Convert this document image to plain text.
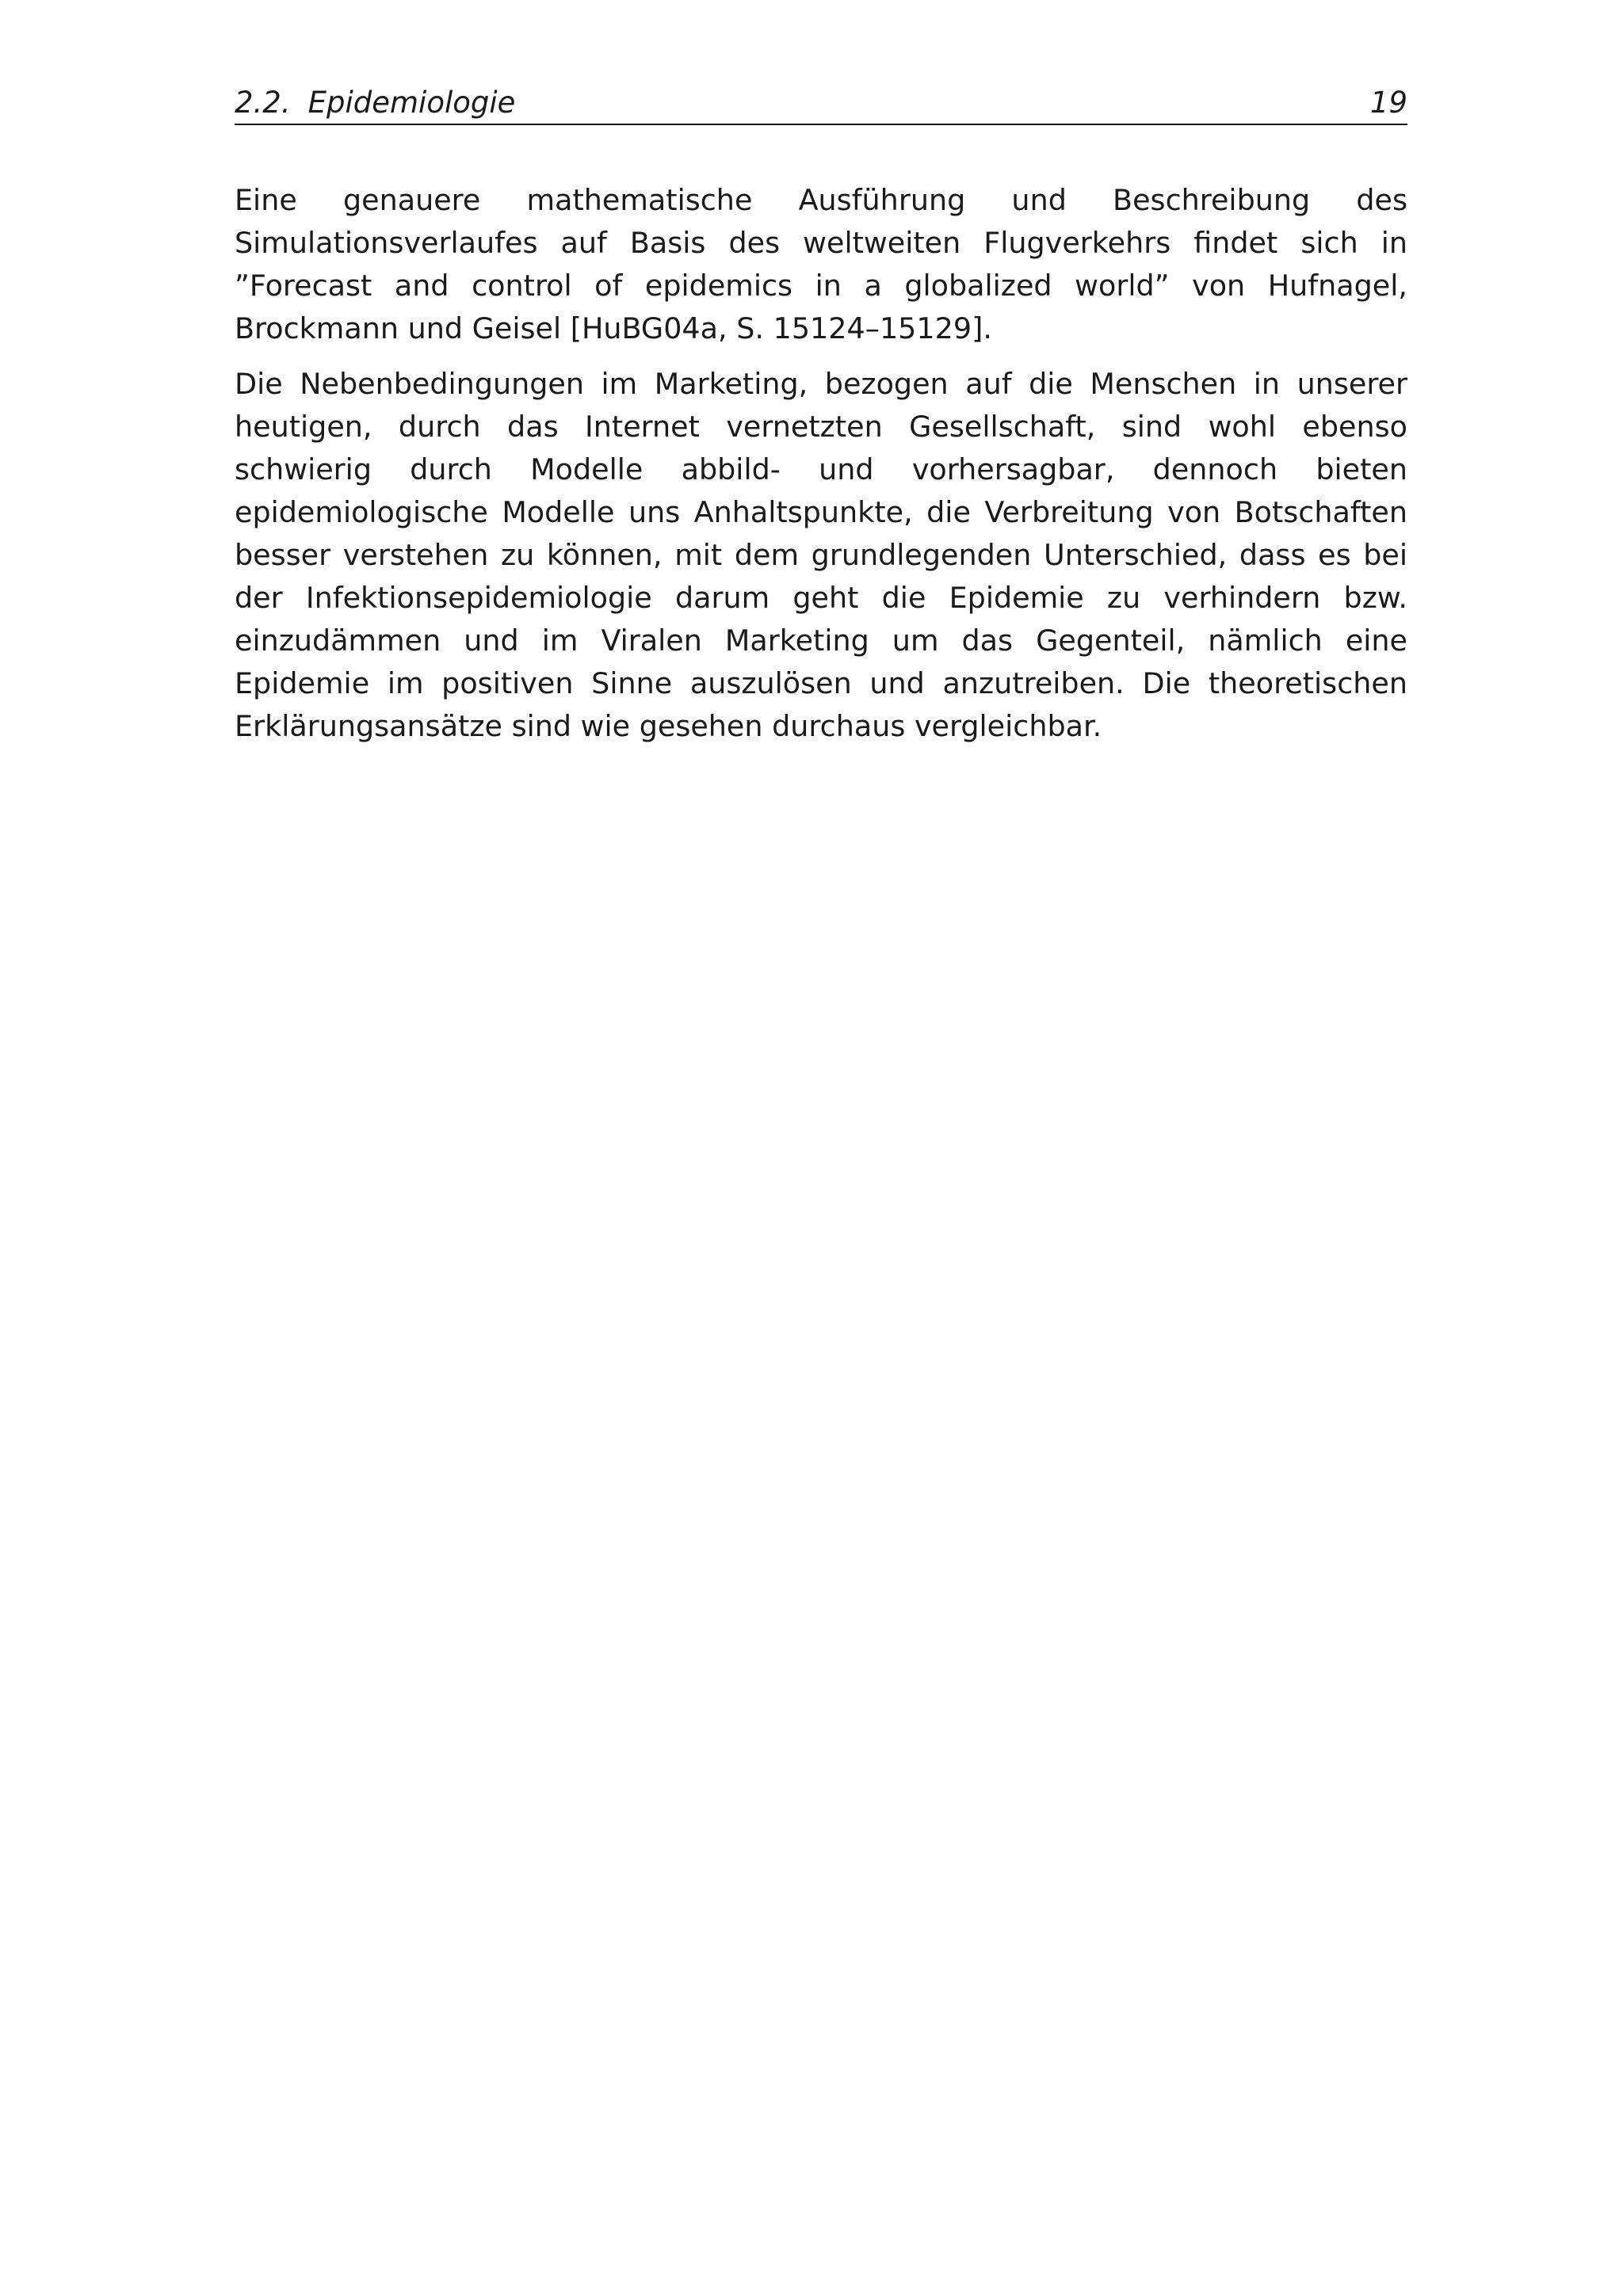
2.2. Epidemiologie	19

Eine genauere mathematische Ausführung und Beschreibung des Simulationsverlaufes auf Basis des weltweiten Flugverkehrs findet sich in ”Forecast and control of epidemics in a globalized world” von Hufnagel, Brockmann und Geisel [HuBG04a, S. 15124–15129].

Die Nebenbedingungen im Marketing, bezogen auf die Menschen in unserer heutigen, durch das Internet vernetzten Gesellschaft, sind wohl ebenso schwierig durch Modelle abbild- und vorhersagbar, dennoch bieten epidemiologische Modelle uns Anhaltspunkte, die Verbreitung von Botschaften besser verstehen zu können, mit dem grundlegenden Unterschied, dass es bei der Infektionsepidemiologie darum geht die Epidemie zu verhindern bzw. einzudämmen und im Viralen Marketing um das Gegenteil, nämlich eine Epidemie im positiven Sinne auszulösen und anzutreiben. Die theoretischen Erklärungsansätze sind wie gesehen durchaus vergleichbar.
